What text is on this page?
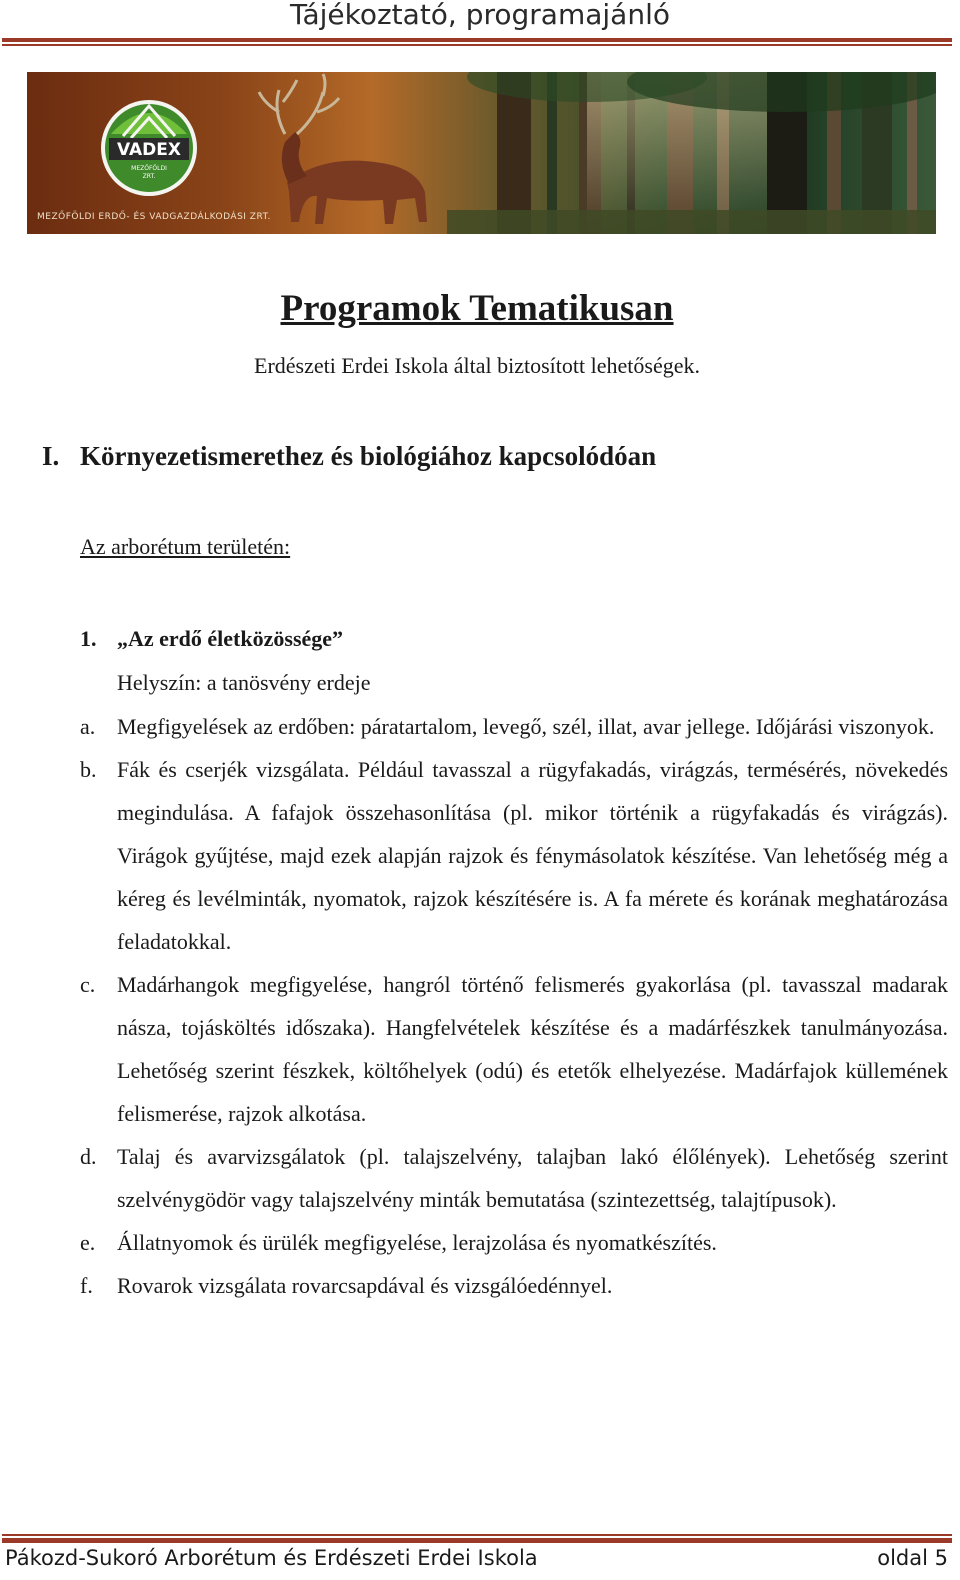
Tájékoztató, programajánló
VADEX
MEZŐFÖLDI
ZRT.
MEZŐFÖLDI ERDŐ- ÉS VADGAZDÁLKODÁSI ZRT.
Programok Tematikusan
Erdészeti Erdei Iskola által biztosított lehetőségek.
I. Környezetismerethez és biológiához kapcsolódóan
Az arborétum területén:
1. „Az erdő életközössége”
Helyszín: a tanösvény erdeje
a. Megfigyelések az erdőben: páratartalom, levegő, szél, illat, avar jellege. Időjárási viszonyok.
b. Fák és cserjék vizsgálata. Például tavasszal a rügyfakadás, virágzás, termésérés, növekedés megindulása. A fafajok összehasonlítása (pl. mikor történik a rügyfakadás és virágzás). Virágok gyűjtése, majd ezek alapján rajzok és fénymásolatok készítése. Van lehetőség még a kéreg és levélminták, nyomatok, rajzok készítésére is. A fa mérete és korának meghatározása feladatokkal.
c. Madárhangok megfigyelése, hangról történő felismerés gyakorlása (pl. tavasszal madarak násza, tojásköltés időszaka). Hangfelvételek készítése és a madárfészkek tanulmányozása. Lehetőség szerint fészkek, költőhelyek (odú) és etetők elhelyezése. Madárfajok küllemének felismerése, rajzok alkotása.
d. Talaj és avarvizsgálatok (pl. talajszelvény, talajban lakó élőlények). Lehetőség szerint szelvénygödör vagy talajszelvény minták bemutatása (szintezettség, talajtípusok).
e. Állatnyomok és ürülék megfigyelése, lerajzolása és nyomatkészítés.
f.	Rovarok vizsgálata rovarcsapdával és vizsgálóedénnyel.
Pákozd-Sukoró Arborétum és Erdészeti Erdei Iskola	oldal 5
